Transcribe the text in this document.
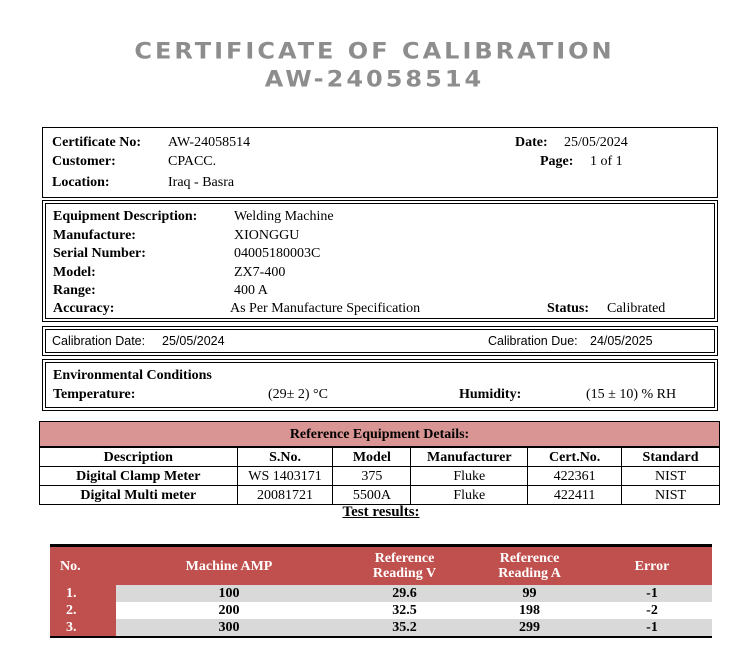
CERTIFICATE OF CALIBRATION
AW-24058514
Certificate No: AW-24058514
Customer:	CPACC.
Location:	Iraq - Basra
Date: 25/05/2024
Page: 1 of 1
Equipment Description:	Welding Machine
Manufacture:	XIONGGU
Serial Number:	04005180003C
Model:	ZX7-400
Range:	400 A
Accuracy:	As Per Manufacture Specification	Status: Calibrated
Calibration Date: 25/05/2024	Calibration Due: 24/05/2025
Environmental Conditions
Temperature:	(29± 2) °C	Humidity:	(15 ± 10) % RH
Reference Equipment Details:
Description	S.No.	Model	Manufacturer	Cert.No.	Standard
Digital Clamp Meter	WS 1403171	375	Fluke	422361	NIST
Digital Multi meter	20081721	5500A	Fluke	422411	NIST
Test results:
No.	Machine AMP	Reference Reading V	Reference Reading A	Error
1.	100	29.6	99	-1
2.	200	32.5	198	-2
3.	300	35.2	299	-1
